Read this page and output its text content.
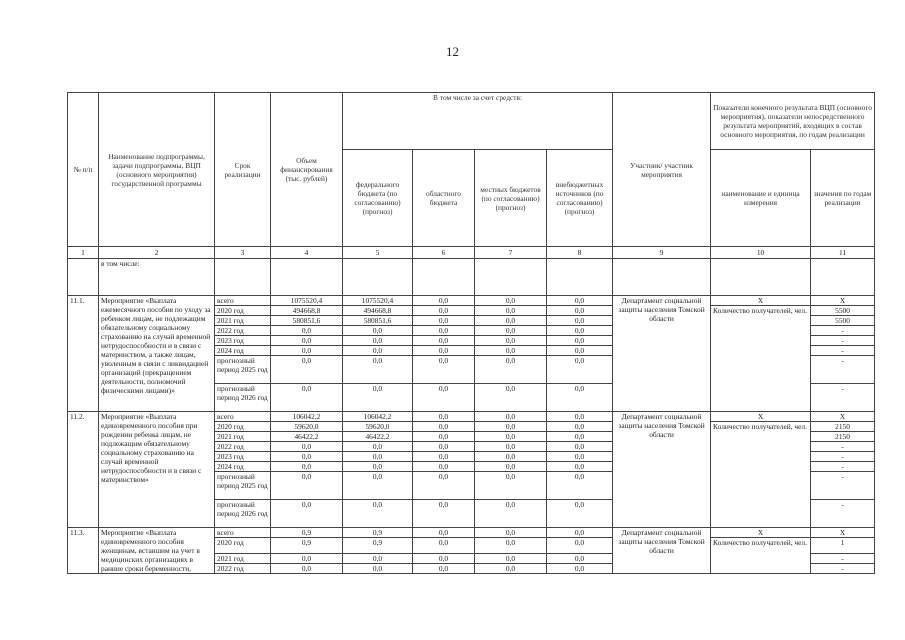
12
№ п/п	Наименование подпрограммы, задачи подпрограммы, ВЦП (основного мероприятия) государственной программы	Срок реализации	Объем финансирования (тыс. рублей)	В том числе за счет средств:				Участник/ участник мероприятия	Показатели конечного результата ВЦП (основного мероприятия), показатели непосредственного результата мероприятий, входящих в состав основного мероприятия, по годам реализации	
				федерального бюджета (по согласованию) (прогноз)	областного бюджета	местных бюджетов (по согласованию) (прогноз)	внебюджетных источников (по согласованию) (прогноз)		наименование и единица измерения	значения по годам реализации
1	2	3	4	5	6	7	8	9	10	11
	в том числе:									
11.1.	Мероприятие «Выплата ежемесячного пособия по уходу за ребенком лицам, не подлежащим обязательному социальному страхованию на случай временной нетрудоспособности и в связи с материнством, а также лицам, уволенным в связи с ликвидацией организаций (прекращением деятельности, полномочий физическими лицами)»	всего	1075520,4	1075520,4	0,0	0,0	0,0	Департамент социальной защиты населения Томской области	X	X
		2020 год	494668,8	494668,8	0,0	0,0	0,0		Количество получателей, чел.	5500
		2021 год	580851,6	580851,6	0,0	0,0	0,0			5500
		2022 год	0,0	0,0	0,0	0,0	0,0			-
		2023 год	0,0	0,0	0,0	0,0	0,0			-
		2024 год	0,0	0,0	0,0	0,0	0,0			-
		прогнозный период 2025 год	0,0	0,0	0,0	0,0	0,0			-
		прогнозный период 2026 год	0,0	0,0	0,0	0,0	0,0			-
11.2.	Мероприятие «Выплата единовременного пособия при рождении ребенка лицам, не подлежащим обязательному социальному страхованию на случай временной нетрудоспособности и в связи с материнством»	всего	106042,2	106042,2	0,0	0,0	0,0	Департамент социальной защиты населения Томской области	X	X
		2020 год	59620,0	59620,0	0,0	0,0	0,0		Количество получателей, чел.	2150
		2021 год	46422,2	46422,2	0,0	0,0	0,0			2150
		2022 год	0,0	0,0	0,0	0,0	0,0			-
		2023 год	0,0	0,0	0,0	0,0	0,0			-
		2024 год	0,0	0,0	0,0	0,0	0,0			-
		прогнозный период 2025 год	0,0	0,0	0,0	0,0	0,0			-
		прогнозный период 2026 год	0,0	0,0	0,0	0,0	0,0			-
11.3.	Мероприятие «Выплата единовременного пособия женщинам, вставшим на учет в медицинских организациях в ранние сроки беременности,	всего	0,9	0,9	0,0	0,0	0,0	Департамент социальной защиты населения Томской области	X	X
		2020 год	0,9	0,9	0,0	0,0	0,0		Количество получателей, чел.	1
		2021 год	0,0	0,0	0,0	0,0	0,0			-
		2022 год	0,0	0,0	0,0	0,0	0,0			-
